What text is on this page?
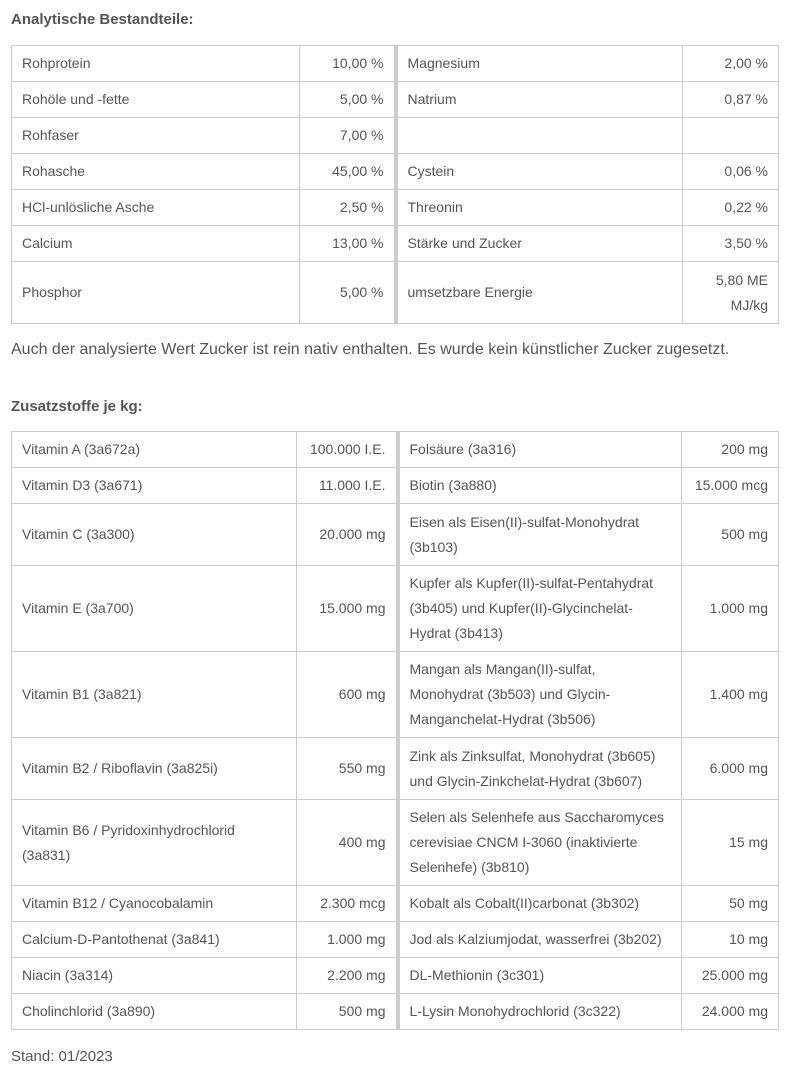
Analytische Bestandteile:
Rohprotein	10,00 %	Magnesium	2,00 %
Rohöle und -fette	5,00 %	Natrium	0,87 %
Rohfaser	7,00 %		
Rohasche	45,00 %	Cystein	0,06 %
HCl-unlösliche Asche	2,50 %	Threonin	0,22 %
Calcium	13,00 %	Stärke und Zucker	3,50 %
Phosphor	5,00 %	umsetzbare Energie	5,80 ME MJ/kg

Auch der analysierte Wert Zucker ist rein nativ enthalten. Es wurde kein künstlicher Zucker zugesetzt.

Zusatzstoffe je kg:
Vitamin A (3a672a)	100.000 I.E.	Folsäure (3a316)	200 mg
Vitamin D3 (3a671)	11.000 I.E.	Biotin (3a880)	15.000 mcg
Vitamin C (3a300)	20.000 mg	Eisen als Eisen(II)-sulfat-Monohydrat (3b103)	500 mg
Vitamin E (3a700)	15.000 mg	Kupfer als Kupfer(II)-sulfat-Pentahydrat (3b405) und Kupfer(II)-Glycinchelat-Hydrat (3b413)	1.000 mg
Vitamin B1 (3a821)	600 mg	Mangan als Mangan(II)-sulfat, Monohydrat (3b503) und Glycin-Manganchelat-Hydrat (3b506)	1.400 mg
Vitamin B2 / Riboflavin (3a825i)	550 mg	Zink als Zinksulfat, Monohydrat (3b605) und Glycin-Zinkchelat-Hydrat (3b607)	6.000 mg
Vitamin B6 / Pyridoxinhydrochlorid (3a831)	400 mg	Selen als Selenhefe aus Saccharomyces cerevisiae CNCM I-3060 (inaktivierte Selenhefe) (3b810)	15 mg
Vitamin B12 / Cyanocobalamin	2.300 mcg	Kobalt als Cobalt(II)carbonat (3b302)	50 mg
Calcium-D-Pantothenat (3a841)	1.000 mg	Jod als Kalziumjodat, wasserfrei (3b202)	10 mg
Niacin (3a314)	2.200 mg	DL-Methionin (3c301)	25.000 mg
Cholinchlorid (3a890)	500 mg	L-Lysin Monohydrochlorid (3c322)	24.000 mg

Stand: 01/2023
